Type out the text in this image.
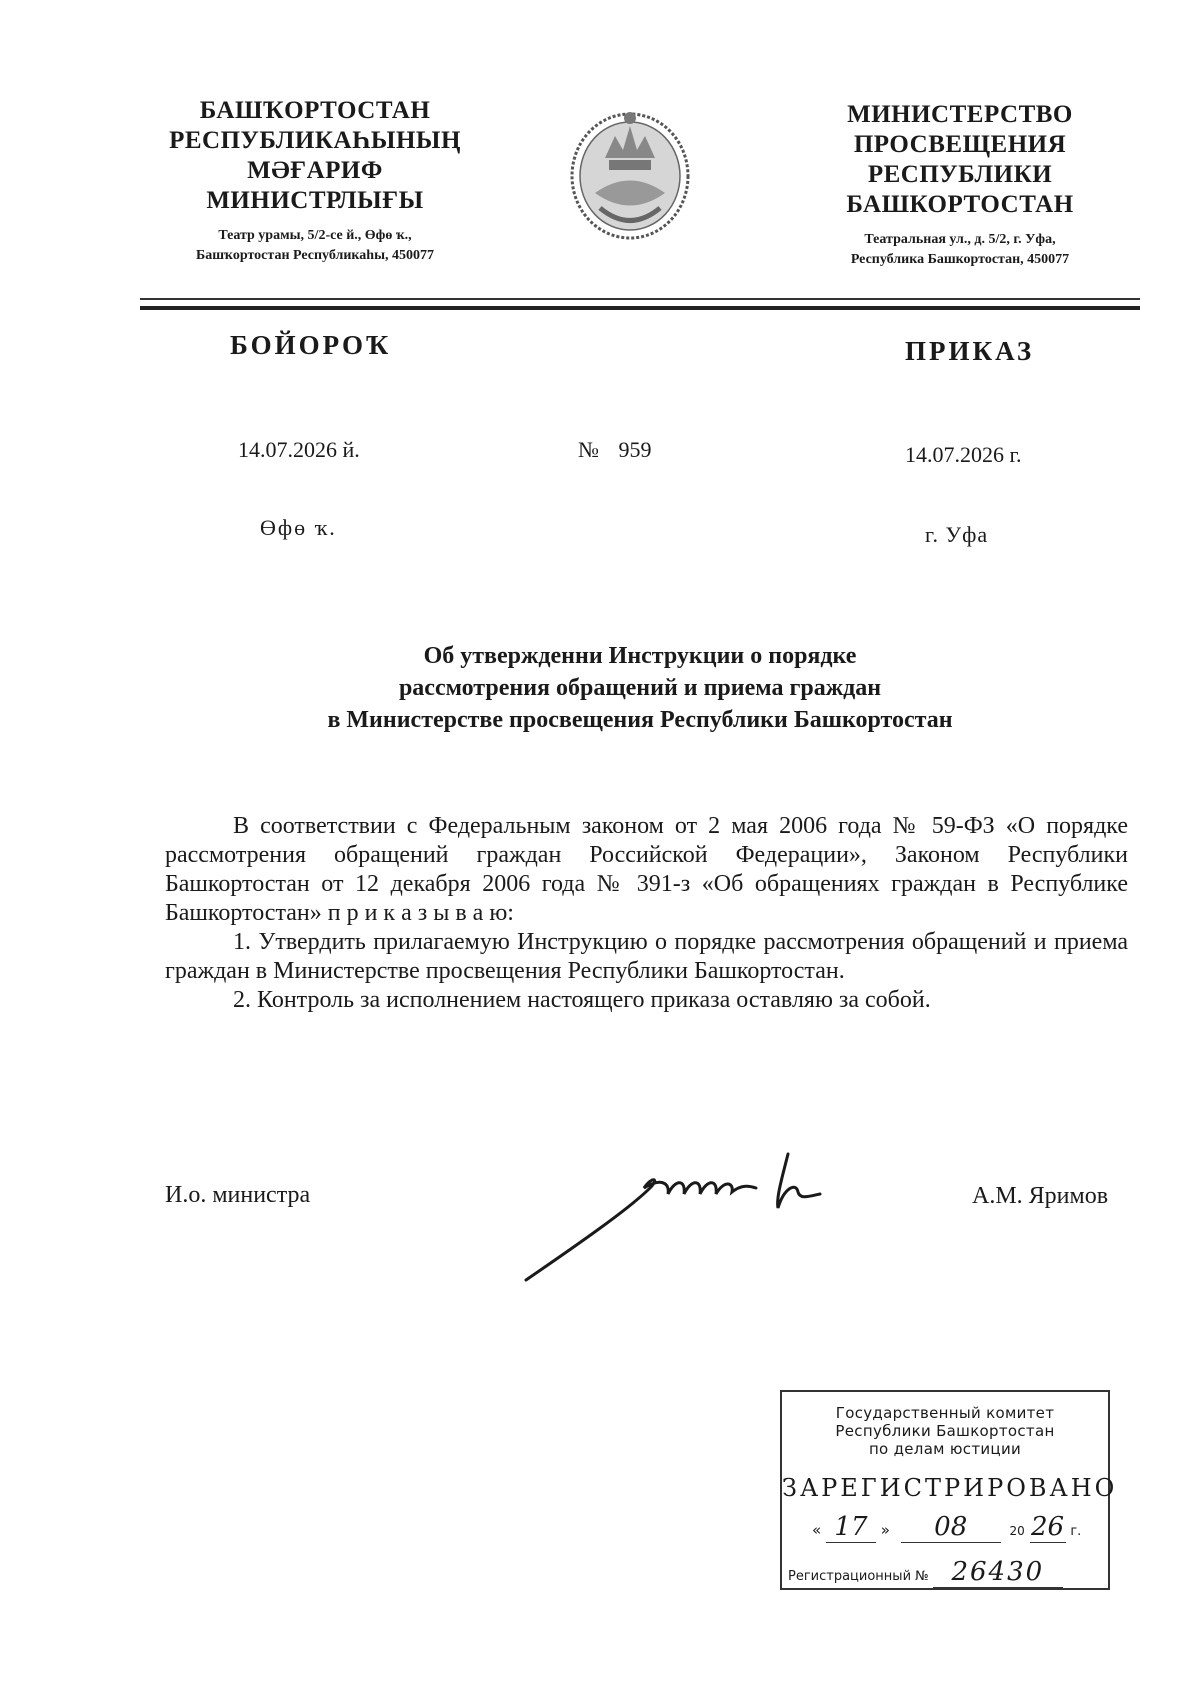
БАШҠОРТОСТАН
РЕСПУБЛИКАҺЫНЫҢ
МӘҒАРИФ
МИНИСТРЛЫҒЫ
Театр урамы, 5/2-се й., Өфө ҡ.,
Башҡортостан Республикаһы, 450077
МИНИСТЕРСТВО
ПРОСВЕЩЕНИЯ
РЕСПУБЛИКИ
БАШКОРТОСТАН
Театральная ул., д. 5/2, г. Уфа,
Республика Башкортостан, 450077
БОЙОРОҠ	ПРИКАЗ
14.07.2026 й.	№ 959	14.07.2026 г.
Өфө ҡ.	г. Уфа
Об утвержденни Инструкции о порядке
рассмотрения обращений и приема граждан
в Министерстве просвещения Республики Башкортостан

В соответствии с Федеральным законом от 2 мая 2006 года № 59-ФЗ «О порядке рассмотрения обращений граждан Российской Федерации», Законом Республики Башкортостан от 12 декабря 2006 года № 391-з «Об обращениях граждан в Республике Башкортостан» п р и к а з ы в а ю:

1. Утвердить прилагаемую Инструкцию о порядке рассмотрения обращений и приема граждан в Министерстве просвещения Республики Башкортостан.

2. Контроль за исполнением настоящего приказа оставляю за собой.

И.о. министра	А.М. Яримов
Государственный комитет
Республики Башкортостан
по делам юстиции
ЗАРЕГИСТРИРОВАНО
« 17 » 08	20 26 г.
Регистрационный № 26430
